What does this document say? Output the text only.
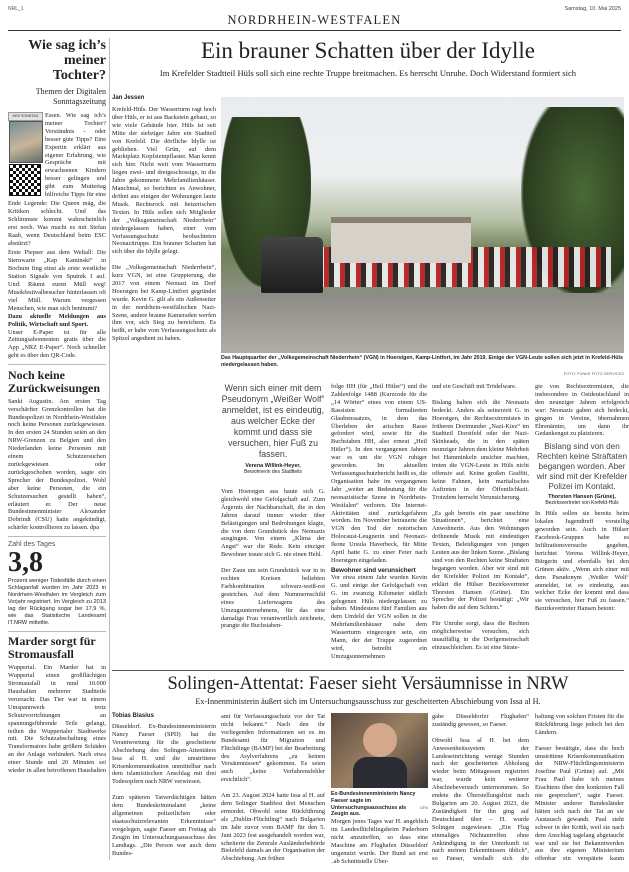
NRL_1	Samstag, 10. Mai 2025
NORDRHEIN-WESTFALEN
Wie sag ich’s meiner Tochter?
Themen der Digitalen Sonntagszeitung
NRZ SONNTAG	Essen. Wie sag ich’s meiner Tochter? Verständnis - oder besser gute Tipps? Eine Expertin erklärt aus eigener Erfahrung, wie Gespräche mit erwachsenen Kindern besser gelingen und gibt zum Muttertag hilfreiche Tipps für eine

Ende Legende: Die Queen mäg, die Kritiken schlecht. Und das Schlimmste kommt wahrscheinlich erst noch. Was macht es mit Stefan Raab, wenn Deutschland beim ESC abstürzt?

Erste Piepser aus dem Weltall: Die Sternwarte „Kap Kaminski“ in Bochum fing einst als erste westliche Station Signale von Sputnik I auf. Und: Räumt euren Müll weg! Musikfestivalbesucher hinterlassen oft viel Müll. Warum vergessen Menschen, wie man sich benimmt?

Dazu aktuelle Meldungen aus Politik, Wirtschaft und Sport.

Unser E-Paper ist für alle Zeitungsabonnenten gratis über die App „NRZ E-Paper“. Noch schneller geht es über den QR-Code.

Noch keine Zurückweisungen

Sankt Augustin. Am ersten Tag verschärfter Grenzkontrollen hat die Bundespolizei in Nordrhein-Westfalen noch keine Personen zurückgewiesen. In den ersten 24 Stunden seien an den NRW-Grenzen zu Belgien und den Niederlanden keine Personen mit einem Schutzersuchen zurückgewiesen oder zurückgeschoben worden, sagte ein Sprecher der Bundespolizei. Wohl aber keine Personen, die ein Schutzersuchen gestellt haben“, erläutert er. Der neue Bundesinnenminister Alexander Dobrindt (CSU) hatte angekündigt, schärfer kontrollieren zu lassen. dpa

Zahl des Tages
3,8

Prozent weniger Todesfälle durch einen Schlaganfall wurden im Jahr 2023 in Nordrhein-Westfalen im Vergleich zum Vorjahr registriert. Im Vergleich zu 2013 lag der Rückgang sogar bei 17,9 %, wie das Statistische Landesamt IT.NRW mitteilte.

Marder sorgt für Stromausfall

Wuppertal. Ein Marder hat in Wuppertal einen großflächigen Stromausfall in rund 10.000 Haushalten mehrerer Stadtteile verursacht. Das Tier war in einem Umspannwerk trotz Schutzvorrichtungen an spannungsführende Teile gelangt, teilten die Wuppertaler Stadtwerke mit. Die Schutzabschaltung eines Transformators habe größere Schäden an der Anlage verhindert. Nach etwa einer Stunde und 20 Minuten sei wieder in allen betroffenen Haushalten

Ein brauner Schatten über der Idylle
Im Krefelder Stadtteil Hüls soll sich eine rechte Truppe breitmachen. Es herrscht Unruhe. Doch Widerstand formiert sich
Jan Jessen

Krefeld-Hüls. Der Wasserturm ragt hoch über Hüls, er ist aus Backstein gebaut, so wie viele Gebäude hier. Hüls ist seit Mitte der siebziger Jahre ein Stadtteil von Krefeld. Die dörfliche Idylle ist geblieben. Viel Grün, auf dem Marktplatz Kopfsteinpflaster. Man kennt sich hier. Nicht weit vom Wasserturm liegen zwei- und dreigeschossige, in die Jahre gekommene Mehrfamilienhäuser. Manchmal, so berichten es Anwohner, dröhnt aus einigen der Wohnungen laute Musik. Rechtsrock mit hetzerischen Texten. In Hüls sollen sich Mitglieder der „Volksgemeinschaft Niederrhein“ niedergelassen haben, einer vom Verfassungsschutz beobachteten Neonazitruppe. Ein brauner Schatten hat sich über die Idylle gelegt.

Die „Volksgemeinschaft Niederrhein“, kurz VGN, ist eine Gruppierung, die 2017 von einem Neonazi im Dorf Hoerstgen bei Kamp-Lintfort gegründet wurde. Kevin G. gilt als ein Außenseiter in der nordrhein-westfälischen Nazi-Szene, andere braune Kameraden werfen ihm vor, sich Sieg zu bereichern. Es heißt, er habe vom Verfassungsschutz als Spitzel angedient zu haben.

Das Hauptquartier der „Volksgemeinschaft Niederrhein“ (VGN) in Hoerstgen, Kamp-Lintfort, im Jahr 2019. Einige der VGN-Leute sollen sich jetzt in Krefeld-Hüls niedergelassen haben.
FOTO: FUNKE FOTO SERVICES
Wenn sich einer mit dem Pseudonym „Weißer Wolf“ anmeldet, ist es eindeutig, aus welcher Ecke der kommt und dass sie versuchen, hier Fuß zu fassen.
Verena Willink-Heyer,
Bewohnerin des Stadtteils

Vom Hoerstgen aus baute sich G. gleichwohl eine Gefolgschaft auf. Zum Ärgernis der Nachbarschaft, die in den Jahren darauf immer wieder über Belästigungen und Bedrohungen klagte, die von dem Grundstück des Neonazis ausgingen. Von einem „Klima der Angst“ war die Rede. Kein einziger Bewohner traute sich G. nie einen Hehl.

Der Zaun um sein Grundstück war in in rechten Kreisen beliebten Farbkombination schwarz-weiß-rot gestrichen. Auf dem Nummernschild eines Lieferwagens des Umzugsunternehmens, für das eine damalige Frau verantwortlich zeichnete, prangte die Buchstaben-

folge HH (für „Heil Hitler“) und die Zahlenfolge 1488 (Kurzcode für die „14 Wörter“ eines von einem US-Rassisten formulierten Glaubenssatzes, in dem das Überleben der arischen Rasse gefordert wird, sowie für die Buchstaben HH, also erneut „Heil Hitler“). In den vergangenen Jahren war es um die VGN ruhiger geworden. Im aktuellen Verfassungsschutzbericht heißt es, die Organisation habe im vergangenen Jahr „weiter an Bedeutung für die neonazistische Szene in Nordrhein-Westfalen“ verloren. Die Internet-Aktivitäten sind zurückgefahren worden. Im November betrauerte die VGN den Tod der notorischen Holocaust-Leugnerin und Neonazi-Ikone Ursula Haverbeck, für Mitte April hatte G. zu einer Feier nach Hoerstgen eingeladen.

Bewohner sind verunsichert

Vor etwa einem Jahr wurden Kevin G. und einige der Gefolgschaft von G. im zwanzig Kilometer südlich gelegenen Hüls niedergelassen zu haben. Mindestens fünf Familien aus dem Umfeld der VGN sollen in die Mehrfamilienhäuser nahe dem Wasserturm eingezogen sein, ein Mann, der der Truppe zugeordnet wird, betreibt ein Umzugsunternehmen

und ein Geschäft mit Trödelware.

Bislang halten sich die Neonazis bedeckt. Anders als seinerzeit G. in Hoerstgen, die Rechtsextremisten in früheren Dortmunder „Nazi-Kiez“ im Stadtteil Dorstfeld oder der Nazi-Skinheads, die in den späten neunziger Jahren dem kleine Mehrheit bei Hamminkeln unsicher machten, treten die VGN-Leute in Hüls nicht offensiv auf. Keine großen Graffiti, keine Fahnen, kein martialisches Auftreten in der Öffentlichkeit. Trotzdem herrscht Verunsicherung.

„Es gab bereits ein paar unschöne Situationen“, berichtet eine Anwohnerin. Aus den Wohnungen dröhnende Musik mit eindeutigen Texten, Beleidigungen von jungen Leuten aus der linken Szene. „Bislang sind von den Rechten keine Straftaten begangen worden. Aber wir sind mit der Krefelder Polizei im Kontakt“, erklärt die Hülser Bezirksvertreter Thorsten Hansen (Grüne). Ein Sprecher der Polizei bestätigt: „Wir haben die auf dem Schirm.“

Für Unruhe sorgt, dass die Rechten möglicherweise versuchen, sich unauffällig in die Dorfgemeinschaft einzuschleichen. Es ist eine Strate-

gie von Rechtsextremisten, die insbesondere in Ostdeutschland in den neunziger Jahren erfolgreich war: Neonazis gaben sich bedeckt, gingen in Vereine, übernahmen Ehrenämter, um dann ihr Gedankengut zu platzieren.

Bislang sind von den Rechten keine Straftaten begangen worden. Aber wir sind mit der Krefelder Polizei im Kontakt.
Thorsten Hansen (Grüne),
Bezirksvertreter von Krefeld-Hüls

In Hüls sollen sie bereits beim lokalen Jugendtreff vorstellig geworden sein. Auch in Hülser Facebook-Gruppen habe es Infiltrationsversuche gegeben, berichtet Verena Willink-Heyer, Bürgerin und ebenfalls bei den Grünen aktiv. „Wenn sich einer mit dem Pseudonym ‚Weißer Wolf‘ anmeldet, ist es eindeutig, aus welcher Ecke der kommt und dass sie versuchen, hier Fuß zu fassen.“ Bezirksvertreter Hansen betont:

Solingen-Attentat: Faeser sieht Versäumnisse in NRW
Ex-Innenministerin äußert sich im Untersuchungsausschuss zur gescheiterten Abschiebung von Issa al H.
Tobias Blasius

Düsseldorf. Ex-Bundesinnenministerin Nancy Faeser (SPD) hat die Verantwortung für die gescheiterte Abschiebung des Solingen-Attentäters Issa al H. und die umstrittene Krisenkommunikation unmittelbar nach dem islamistischen Anschlag mit drei Todesopfern nach NRW verwiesen.

Zum späteren Tatverdächtigen hätten dem Bundeskriminalamt „keine allgemeinen polizeilichen oder staatsschutzrelevanten Erkenntnisse“ vorgelegen, sagte Faeser am Freitag als Zeugin im Untersuchungsausschuss des Landtags. „Die Person war auch dem Bundes-

amt für Verfassungsschutz vor der Tat nicht bekannt.“ Nach den ihr vorliegenden Informationen sei es im Bundesamt für Migration und Flüchtlinge (BAMF) bei der Bearbeitung des Asylverfahrens „zu keinen Versäumnissen“ gekommen. Es seien auch „keine Verfahrensfehler ersichtlich“.

Am 23. August 2024 hatte Issa al H. auf dem Solinger Stadtfest drei Menschen ermordet. Obwohl seine Rückführung als „Dublin-Flüchtling“ nach Bulgarien im Jahr zuvor vom BAMF für den 5. Juni 2023 fest ausgehandelt worden war, scheiterte die Zentrale Ausländerbehörde Bielefeld damals an der Organisation der Abschiebung. Am frühen

Ex-Bundesinnenministerin Nancy Faeser sagte im Untersuchungsausschuss als Zeugin aus.
DPA

Morgen jenes Tages war H. angeblich im Landesflüchtlingsheim Paderborn nicht anzutreffen, so dass eine Maschine am Flughafen Düsseldorf ungenutzt wurde. Der Bund sei erst „ab Schnittstelle Über-

gabe Düsseldorfer Flughafen“ zuständig gewesen, so Faeser.

Obwohl Issa al H. bei dem Anwesenheitssystem der Landeseinrichtung wenige Stunden nach der gescheiterten Abholung wieder beim Mittagessen registriert war, wurde kein weiterer Abschiebeversuch unternommen. So endete die Überstellungsfrist nach Bulgarien am 20. August 2023, die Zuständigkeit für ihn ging auf Deutschland über – H. wurde Solingen zugewiesen. „Ein Flug einmaliges Nichtantreffen ohne Ankündigung in der Unterkunft ist nach meinen Erkenntnissen üblich“, so Faeser, weshalb sich die

haltung von solchen Fristen für die Rückführung liege jedoch bei den Ländern.

Faeser bestätigte, dass die hoch umstrittene Krisenkommunikation der NRW-Flüchtlingsministerin Josefine Paul (Grüne) auf. „Mit Frau Paul habe ich meines Erachtens über den konkreten Fall nie gesprochen“, sagte Faeser. Minister anderer Bundesländer hätten sich nach der Tat an sie Austausch gewandt. Paul steht schwer in der Kritik, weil sie nach dem Anschlag tagelang abgetaucht war und sie bei Bekanntwerden aus ihre eigenen Ministerium offenbar ein verspätete kaum
